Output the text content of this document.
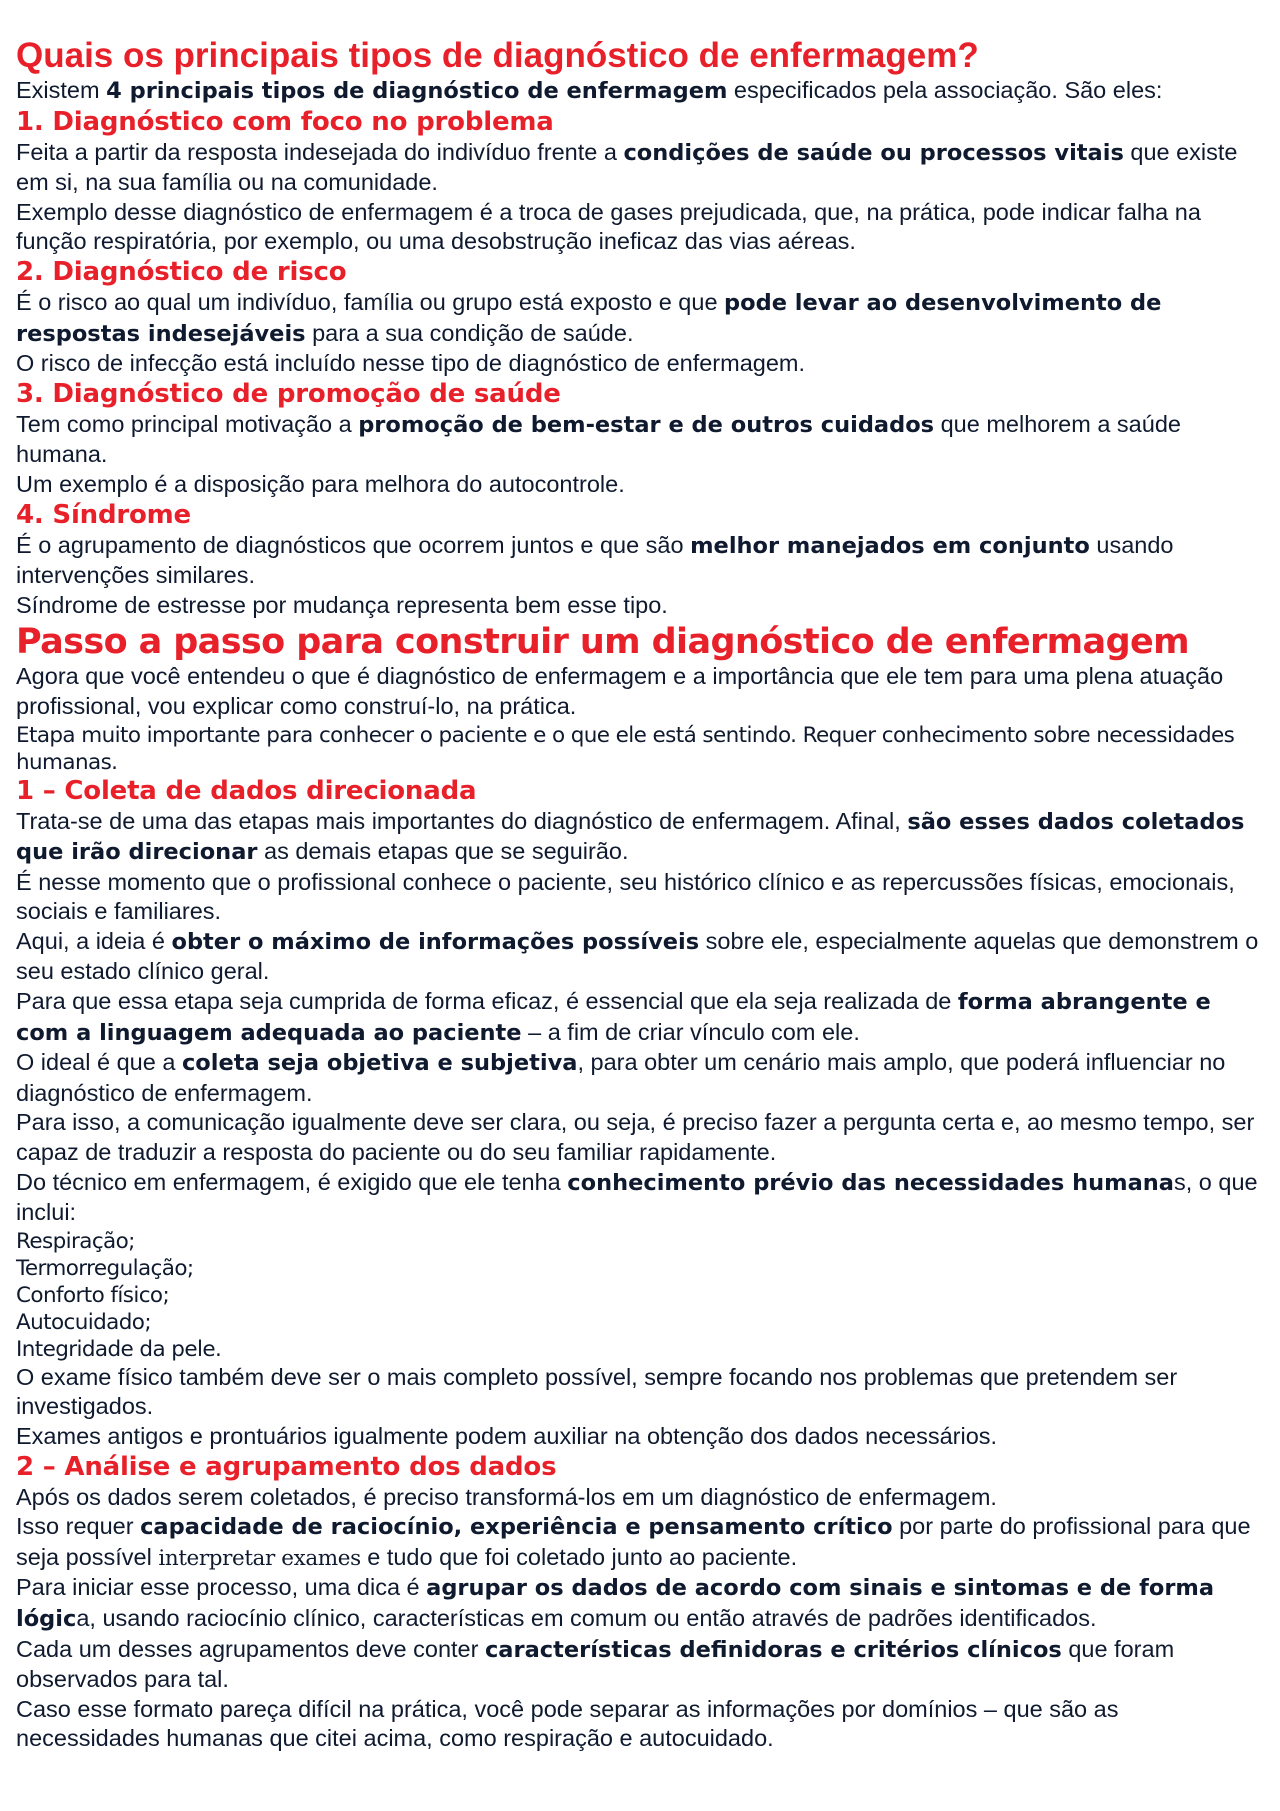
Quais os principais tipos de diagnóstico de enfermagem?

Existem 4 principais tipos de diagnóstico de enfermagem especificados pela associação. São eles:

1. Diagnóstico com foco no problema

Feita a partir da resposta indesejada do indivíduo frente a condições de saúde ou processos vitais que existe em si, na sua família ou na comunidade.

Exemplo desse diagnóstico de enfermagem é a troca de gases prejudicada, que, na prática, pode indicar falha na função respiratória, por exemplo, ou uma desobstrução ineficaz das vias aéreas.

2. Diagnóstico de risco

É o risco ao qual um indivíduo, família ou grupo está exposto e que pode levar ao desenvolvimento de respostas indesejáveis para a sua condição de saúde.

O risco de infecção está incluído nesse tipo de diagnóstico de enfermagem.

3. Diagnóstico de promoção de saúde

Tem como principal motivação a promoção de bem-estar e de outros cuidados que melhorem a saúde humana.

Um exemplo é a disposição para melhora do autocontrole.

4. Síndrome

É o agrupamento de diagnósticos que ocorrem juntos e que são melhor manejados em conjunto usando intervenções similares.

Síndrome de estresse por mudança representa bem esse tipo.

Passo a passo para construir um diagnóstico de enfermagem

Agora que você entendeu o que é diagnóstico de enfermagem e a importância que ele tem para uma plena atuação profissional, vou explicar como construí-lo, na prática.

Etapa muito importante para conhecer o paciente e o que ele está sentindo. Requer conhecimento sobre necessidades humanas.

1 – Coleta de dados direcionada

Trata-se de uma das etapas mais importantes do diagnóstico de enfermagem. Afinal, são esses dados coletados que irão direcionar as demais etapas que se seguirão.

É nesse momento que o profissional conhece o paciente, seu histórico clínico e as repercussões físicas, emocionais, sociais e familiares.

Aqui, a ideia é obter o máximo de informações possíveis sobre ele, especialmente aquelas que demonstrem o seu estado clínico geral.

Para que essa etapa seja cumprida de forma eficaz, é essencial que ela seja realizada de forma abrangente e com a linguagem adequada ao paciente – a fim de criar vínculo com ele.

O ideal é que a coleta seja objetiva e subjetiva, para obter um cenário mais amplo, que poderá influenciar no diagnóstico de enfermagem.

Para isso, a comunicação igualmente deve ser clara, ou seja, é preciso fazer a pergunta certa e, ao mesmo tempo, ser capaz de traduzir a resposta do paciente ou do seu familiar rapidamente.

Do técnico em enfermagem, é exigido que ele tenha conhecimento prévio das necessidades humanas, o que inclui:

Respiração;
Termorregulação;
Conforto físico;
Autocuidado;
Integridade da pele.

O exame físico também deve ser o mais completo possível, sempre focando nos problemas que pretendem ser investigados.

Exames antigos e prontuários igualmente podem auxiliar na obtenção dos dados necessários.

2 – Análise e agrupamento dos dados

Após os dados serem coletados, é preciso transformá-los em um diagnóstico de enfermagem.

Isso requer capacidade de raciocínio, experiência e pensamento crítico por parte do profissional para que seja possível interpretar exames e tudo que foi coletado junto ao paciente.

Para iniciar esse processo, uma dica é agrupar os dados de acordo com sinais e sintomas e de forma lógica, usando raciocínio clínico, características em comum ou então através de padrões identificados.

Cada um desses agrupamentos deve conter características definidoras e critérios clínicos que foram observados para tal.

Caso esse formato pareça difícil na prática, você pode separar as informações por domínios – que são as necessidades humanas que citei acima, como respiração e autocuidado.
